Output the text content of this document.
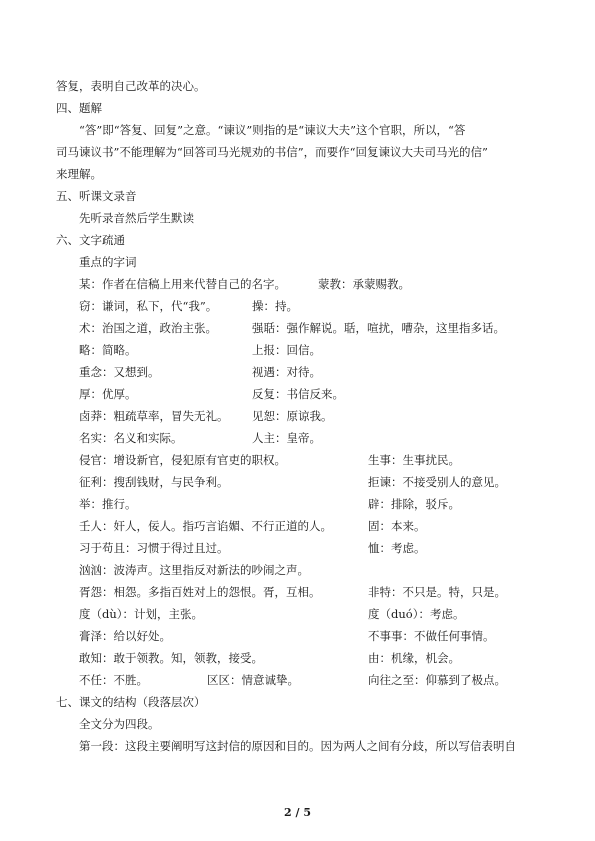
答复，表明自己改革的决心。
四、题解
“答”即“答复、回复”之意。“谏议”则指的是“谏议大夫”这个官职，所以，“答
司马谏议书”不能理解为“回答司马光规劝的书信”，而要作“回复谏议大夫司马光的信”
来理解。
五、听课文录音
先听录音然后学生默读
六、文字疏通
重点的字词
某：作者在信稿上用来代替自己的名字。	蒙教：承蒙赐教。
窃：谦词，私下，代“我”。	操：持。
术：治国之道，政治主张。	强聒：强作解说。聒，喧扰，嘈杂，这里指多话。
略：简略。	上报：回信。
重念：又想到。	视遇：对待。
厚：优厚。	反复：书信反来。
卤莽：粗疏草率，冒失无礼。 见恕：原谅我。
名实：名义和实际。	人主：皇帝。
侵官：增设新官，侵犯原有官吏的职权。	生事：生事扰民。
征利：搜刮钱财，与民争利。	拒谏：不接受别人的意见。
举：推行。	辟：排除，驳斥。
壬人：奸人，佞人。指巧言谄媚、不行正道的人。	固：本来。
习于苟且：习惯于得过且过。	恤：考虑。
汹汹：波涛声。这里指反对新法的吵闹之声。
胥怨：相怨。多指百姓对上的怨恨。胥，互相。	非特：不只是。特，只是。
度（dù）：计划，主张。	度（duó）：考虑。
膏泽：给以好处。	不事事：不做任何事情。
敢知：敢于领教。知，领教，接受。	由：机缘，机会。
不任：不胜。	区区：情意诚挚。	向往之至：仰慕到了极点。
七、课文的结构（段落层次）
全文分为四段。
第一段：这段主要阐明写这封信的原因和目的。因为两人之间有分歧，所以写信表明自
2 / 5
